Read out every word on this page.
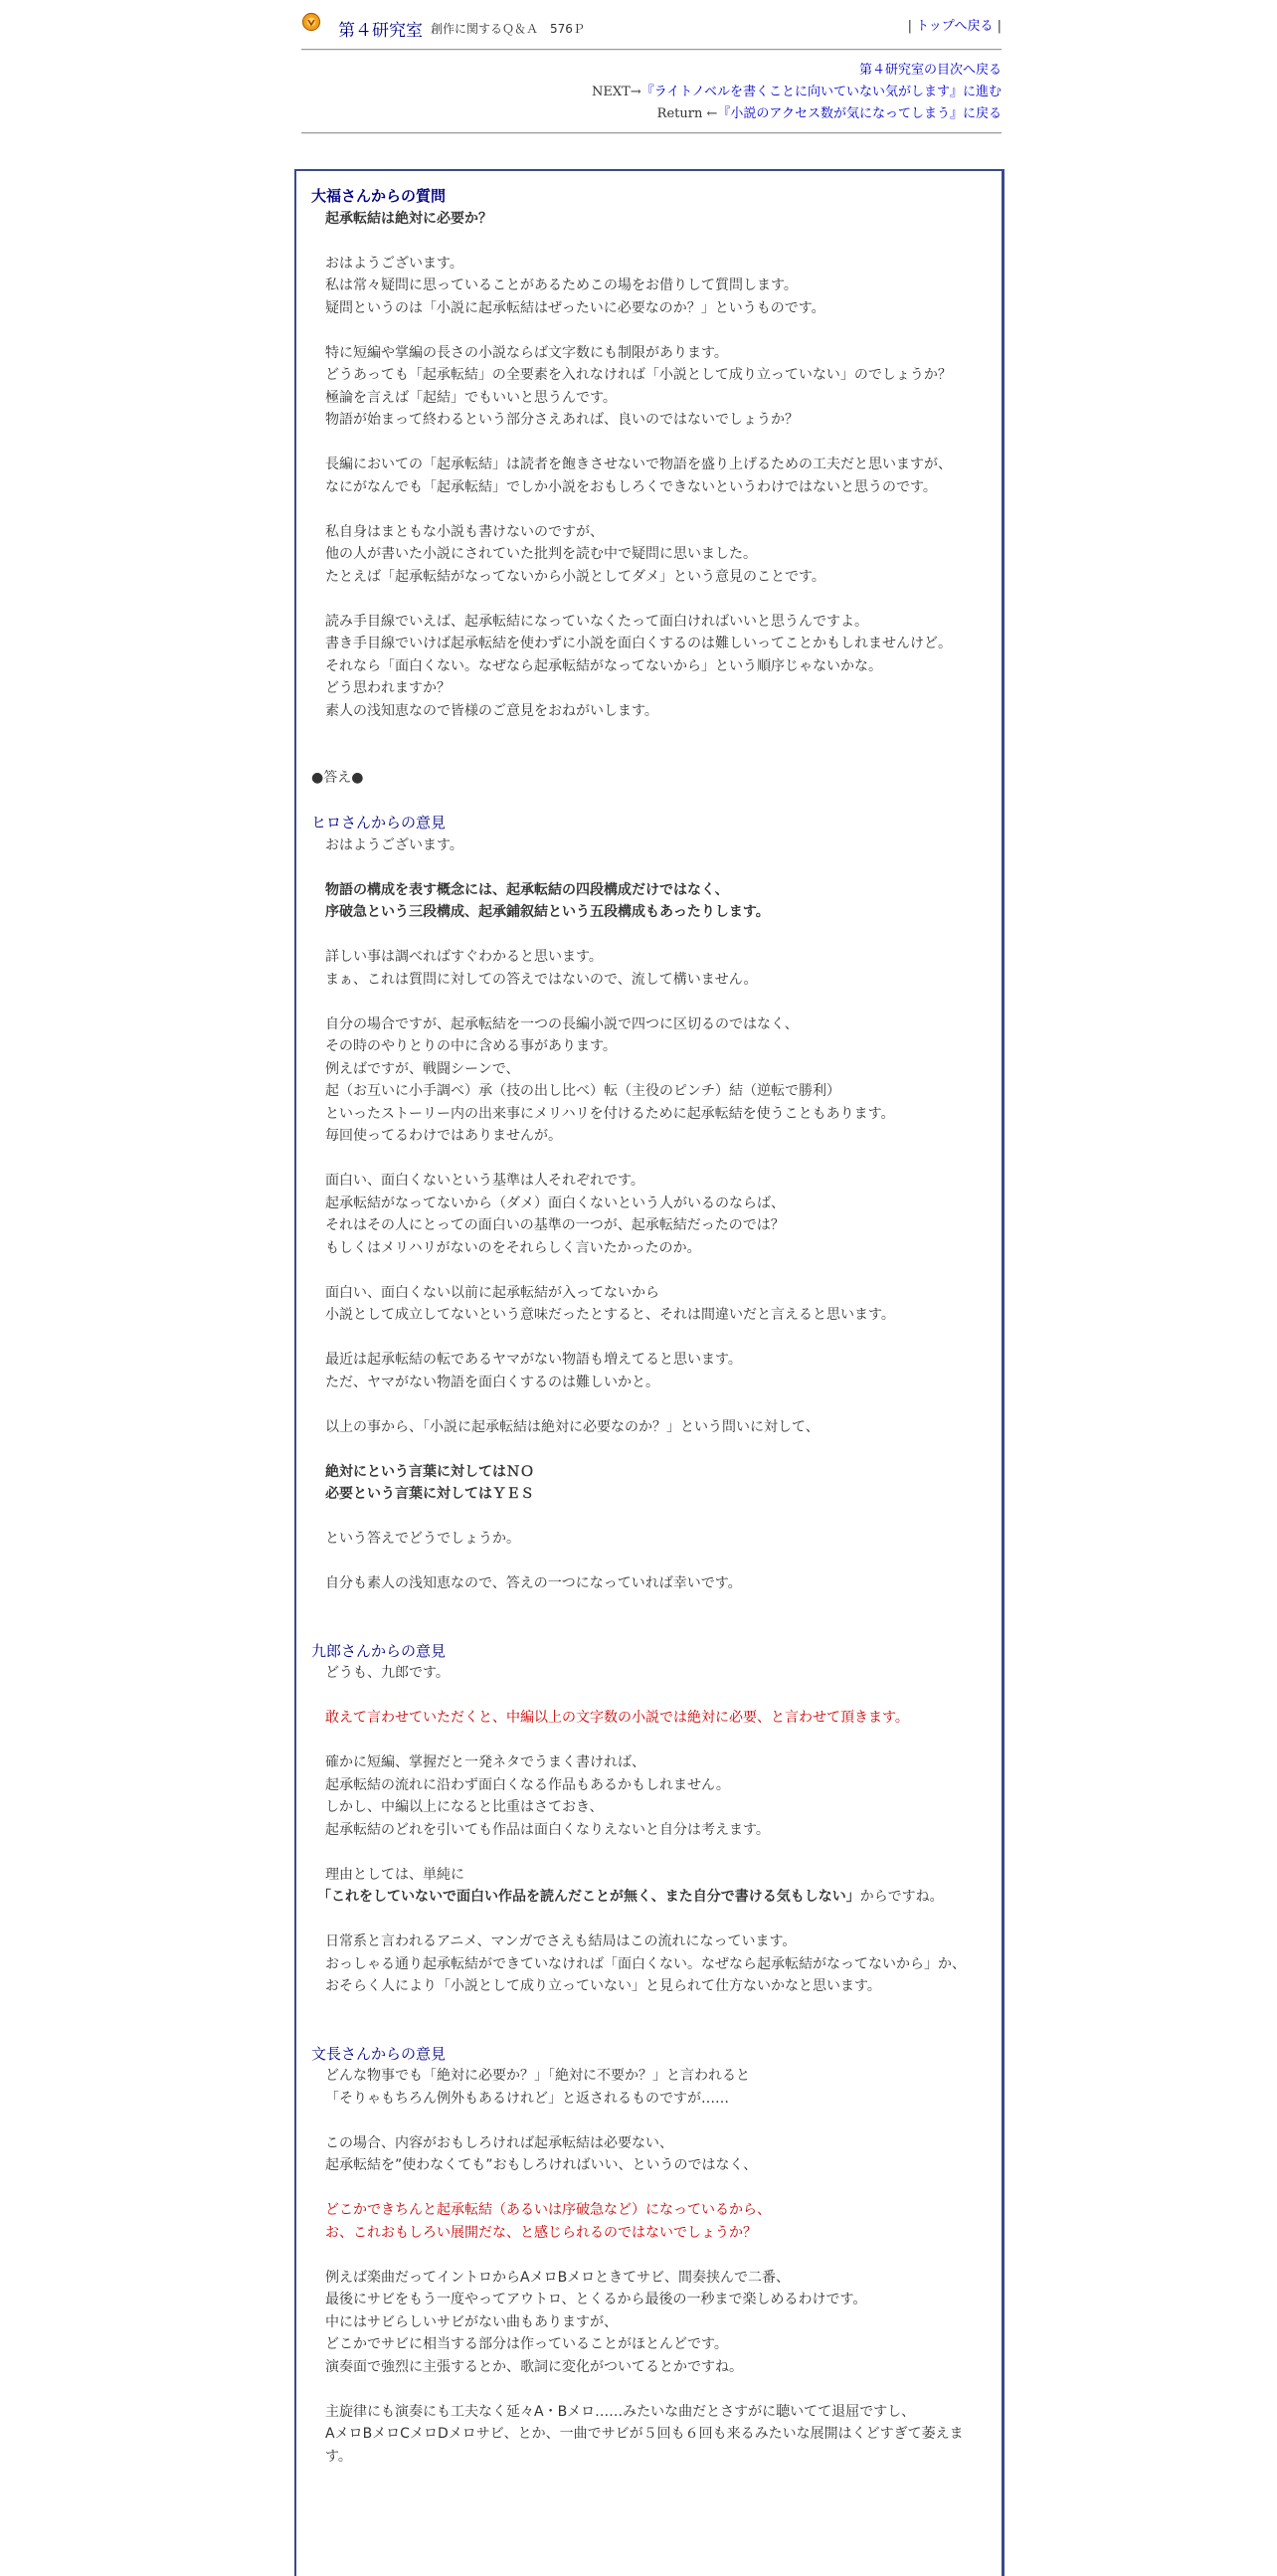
第４研究室 創作に関するＱ＆Ａ　576Ｐ	| トップへ戻る |
第４研究室の目次へ戻る
NEXT→『ライトノベルを書くことに向いていない気がします』に進む
Return ←『小説のアクセス数が気になってしまう』に戻る

大福さんからの質問

起承転結は絶対に必要か？

おはようございます。

私は常々疑問に思っていることがあるためこの場をお借りして質問します。

疑問というのは「小説に起承転結はぜったいに必要なのか？」というものです。

特に短編や掌編の長さの小説ならば文字数にも制限があります。

どうあっても「起承転結」の全要素を入れなければ「小説として成り立っていない」のでしょうか？

極論を言えば「起結」でもいいと思うんです。

物語が始まって終わるという部分さえあれば、良いのではないでしょうか？

長編においての「起承転結」は読者を飽きさせないで物語を盛り上げるための工夫だと思いますが、

なにがなんでも「起承転結」でしか小説をおもしろくできないというわけではないと思うのです。

私自身はまともな小説も書けないのですが、

他の人が書いた小説にされていた批判を読む中で疑問に思いました。

たとえば「起承転結がなってないから小説としてダメ」という意見のことです。

読み手目線でいえば、起承転結になっていなくたって面白ければいいと思うんですよ。

書き手目線でいけば起承転結を使わずに小説を面白くするのは難しいってことかもしれませんけど。

それなら「面白くない。なぜなら起承転結がなってないから」という順序じゃないかな。

どう思われますか？

素人の浅知恵なので皆様のご意見をおねがいします。

●答え●

ヒロさんからの意見

おはようございます。

物語の構成を表す概念には、起承転結の四段構成だけではなく、

序破急という三段構成、起承鋪叙結という五段構成もあったりします。

詳しい事は調べればすぐわかると思います。

まぁ、これは質問に対しての答えではないので、流して構いません。

自分の場合ですが、起承転結を一つの長編小説で四つに区切るのではなく、

その時のやりとりの中に含める事があります。

例えばですが、戦闘シーンで、

起（お互いに小手調べ）承（技の出し比べ）転（主役のピンチ）結（逆転で勝利）

といったストーリー内の出来事にメリハリを付けるために起承転結を使うこともあります。

毎回使ってるわけではありませんが。

面白い、面白くないという基準は人それぞれです。

起承転結がなってないから（ダメ）面白くないという人がいるのならば、

それはその人にとっての面白いの基準の一つが、起承転結だったのでは？

もしくはメリハリがないのをそれらしく言いたかったのか。

面白い、面白くない以前に起承転結が入ってないから

小説として成立してないという意味だったとすると、それは間違いだと言えると思います。

最近は起承転結の転であるヤマがない物語も増えてると思います。

ただ、ヤマがない物語を面白くするのは難しいかと。

以上の事から、「小説に起承転結は絶対に必要なのか？」という問いに対して、

絶対にという言葉に対してはＮＯ

必要という言葉に対してはＹＥＳ

という答えでどうでしょうか。

自分も素人の浅知恵なので、答えの一つになっていれば幸いです。

九郎さんからの意見

どうも、九郎です。

敢えて言わせていただくと、中編以上の文字数の小説では絶対に必要、と言わせて頂きます。

確かに短編、掌握だと一発ネタでうまく書ければ、

起承転結の流れに沿わず面白くなる作品もあるかもしれません。

しかし、中編以上になると比重はさておき、

起承転結のどれを引いても作品は面白くなりえないと自分は考えます。

理由としては、単純に

「これをしていないで面白い作品を読んだことが無く、また自分で書ける気もしない」からですね。

日常系と言われるアニメ、マンガでさえも結局はこの流れになっています。

おっしゃる通り起承転結ができていなければ「面白くない。なぜなら起承転結がなってないから」か、

おそらく人により「小説として成り立っていない」と見られて仕方ないかなと思います。

文長さんからの意見

どんな物事でも「絶対に必要か？」「絶対に不要か？」と言われると

「そりゃもちろん例外もあるけれど」と返されるものですが……

この場合、内容がおもしろければ起承転結は必要ない、

起承転結を”使わなくても”おもしろければいい、というのではなく、

どこかできちんと起承転結（あるいは序破急など）になっているから、

お、これおもしろい展開だな、と感じられるのではないでしょうか？

例えば楽曲だってイントロからAメロBメロときてサビ、間奏挟んで二番、

最後にサビをもう一度やってアウトロ、とくるから最後の一秒まで楽しめるわけです。

中にはサビらしいサビがない曲もありますが、

どこかでサビに相当する部分は作っていることがほとんどです。

演奏面で強烈に主張するとか、歌詞に変化がついてるとかですね。

主旋律にも演奏にも工夫なく延々A・Bメロ……みたいな曲だとさすがに聴いてて退屈ですし、

AメロBメロCメロDメロサビ、とか、一曲でサビが５回も６回も来るみたいな展開はくどすぎて萎えます。
